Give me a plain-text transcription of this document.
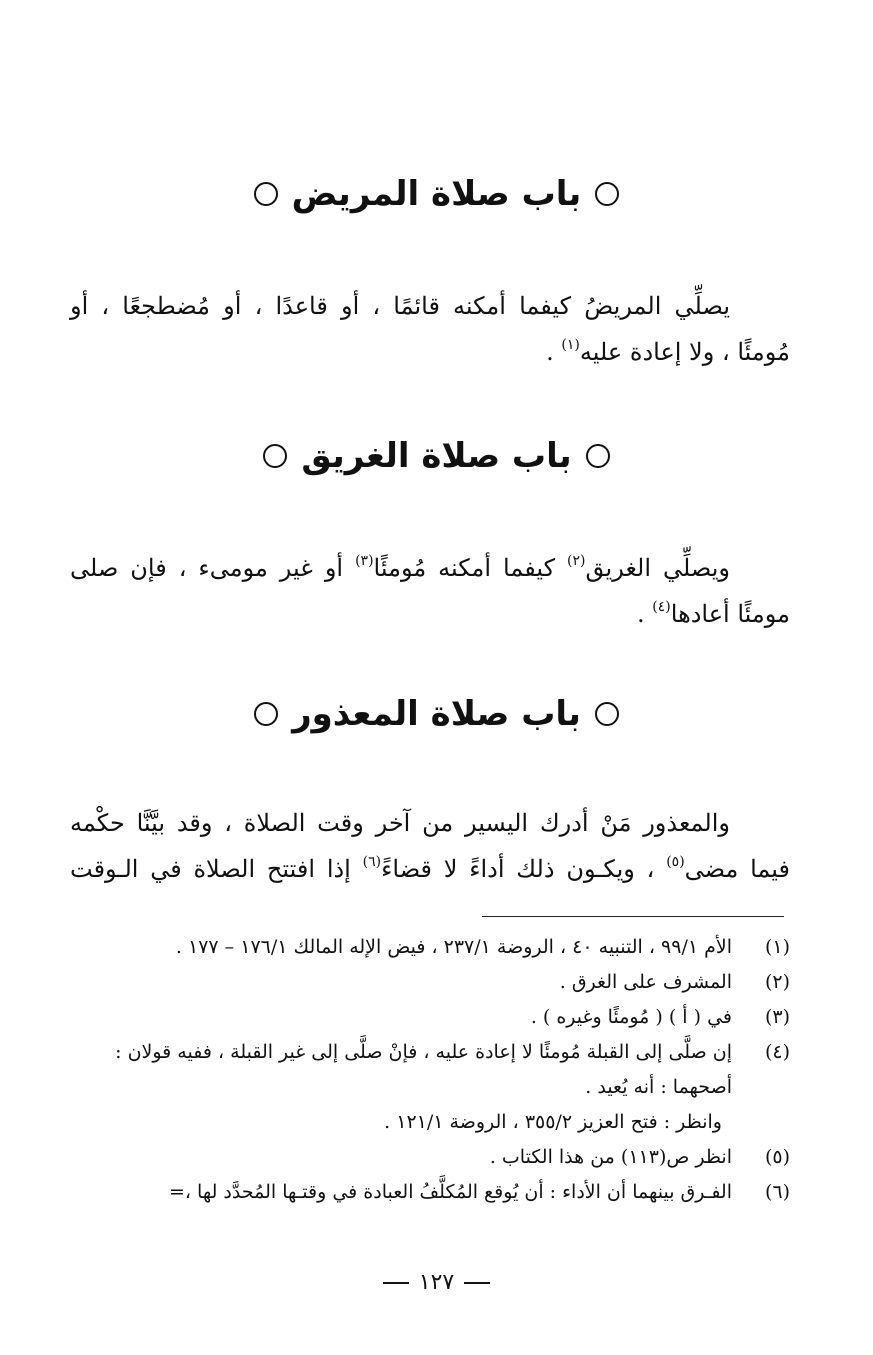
باب صلاة المريض
يصلِّي المريضُ كيفما أمكنه قائمًا ، أو قاعدًا ، أو مُضطجعًا ، أو
مُومئًا ، ولا إعادة عليه$^{(١)}$ .
باب صلاة الغريق
ويصلِّي الغريق$^{(٢)}$ كيفما أمكنه مُومئًا$^{(٣)}$ أو غير مومىء ، فإن صلى
مومئًا أعادها$^{(٤)}$ .
باب صلاة المعذور
والمعذور مَنْ أدرك اليسير من آخر وقت الصلاة ، وقد بيَّنَّا حكْمه
فيما مضى$^{(٥)}$ ، ويكـون ذلك أداءً لا قضاءً$^{(٦)}$ إذا افتتح الصلاة في الـوقت
(١)
الأم ٩٩/١ ، التنبيه ٤٠ ، الروضة ٢٣٧/١ ، فيض الإله المالك ١٧٦/١ – ١٧٧ .
(٢)
المشرف على الغرق .
(٣)
في ( أ ) ( مُومئًا وغيره ) .
(٤)
إن صلَّى إلى القبلة مُومئًا لا إعادة عليه ، فإنْ صلَّى إلى غير القبلة ، ففيه قولان :
أصحهما : أنه يُعيد .
وانظر : فتح العزيز ٣٥٥/٢ ، الروضة ١٢١/١ .
(٥)
انظر ص(١١٣) من هذا الكتاب .
(٦)
الفـرق بينهما أن الأداء : أن يُوقع المُكلَّفُ العبادة في وقتـها المُحدَّد لها ،=
١٢٧
